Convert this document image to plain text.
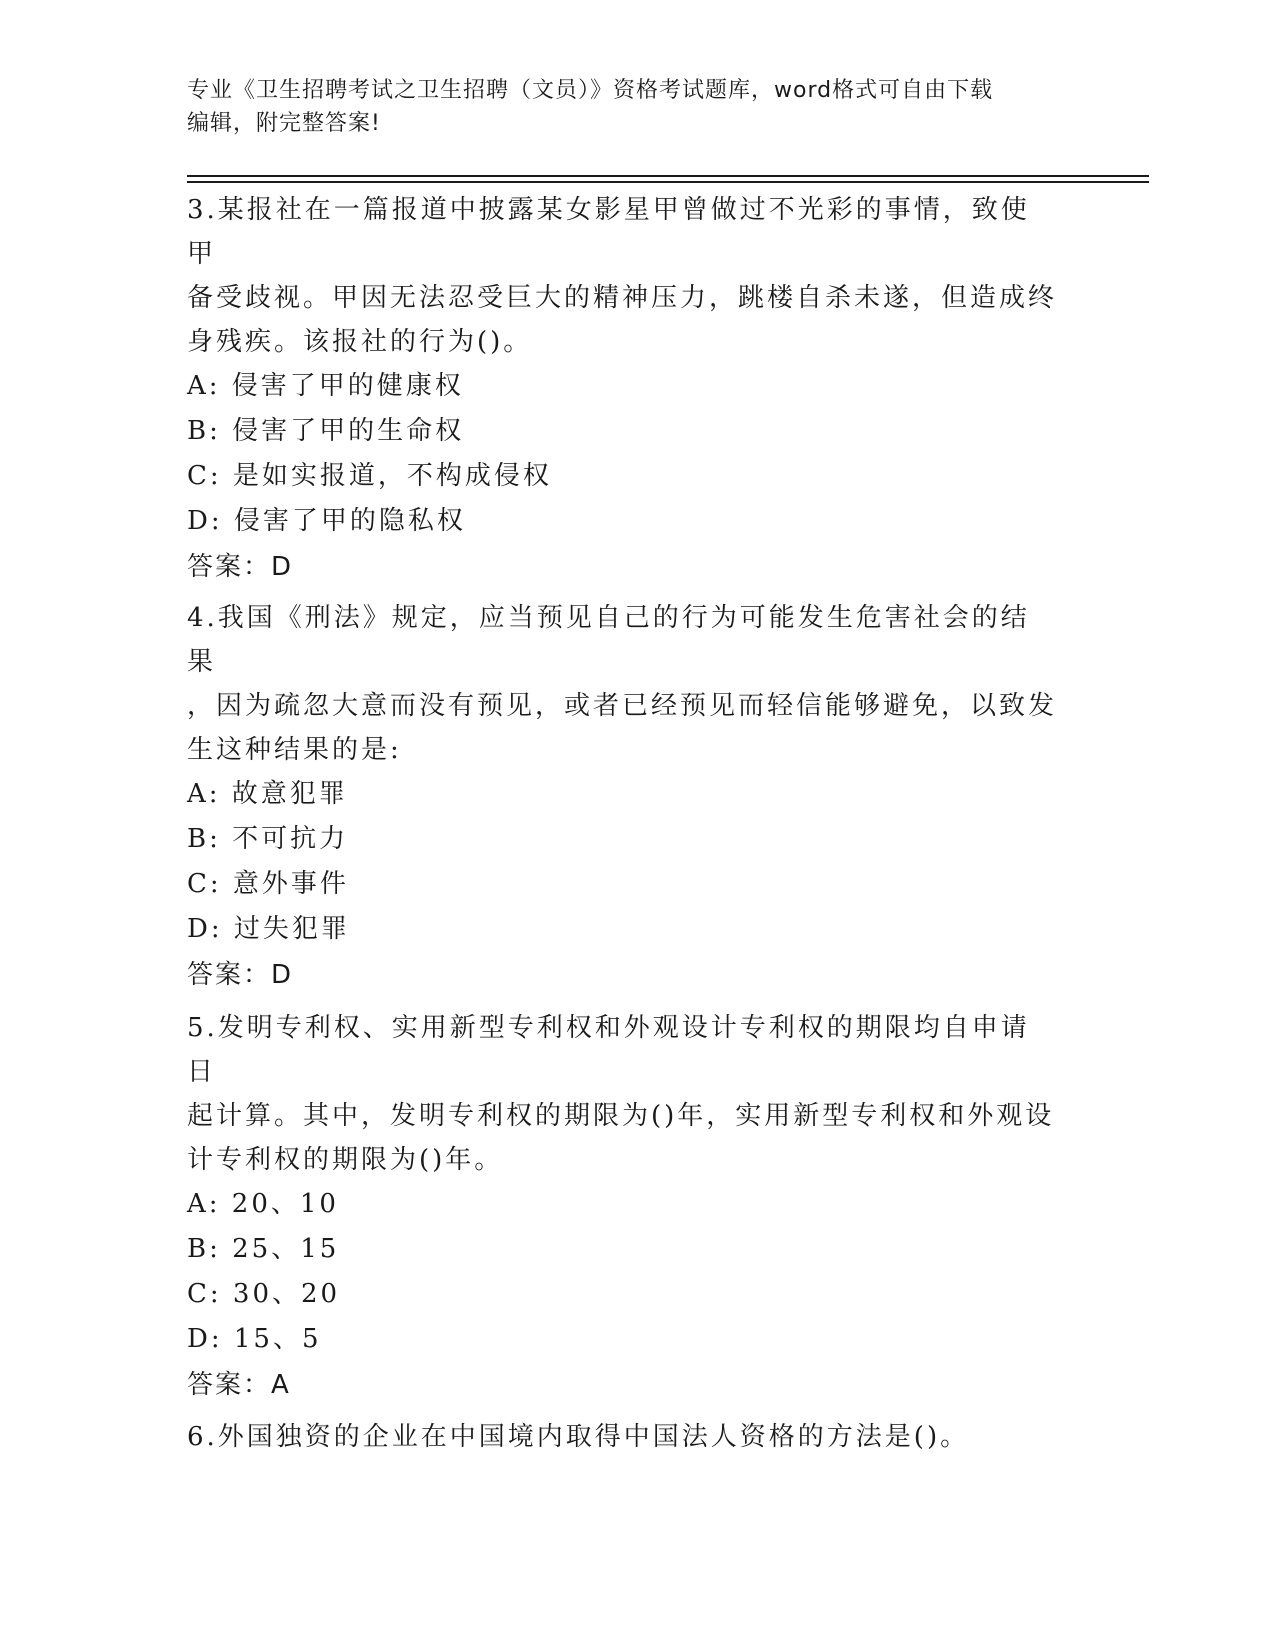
专业《卫生招聘考试之卫生招聘（文员）》资格考试题库，word格式可自由下载
编辑，附完整答案!
3.某报社在一篇报道中披露某女影星甲曾做过不光彩的事情，致使甲
备受歧视。甲因无法忍受巨大的精神压力，跳楼自杀未遂，但造成终
身残疾。该报社的行为()。
A: 侵害了甲的健康权
B: 侵害了甲的生命权
C: 是如实报道，不构成侵权
D: 侵害了甲的隐私权
答案：D
4.我国《刑法》规定，应当预见自己的行为可能发生危害社会的结果
，因为疏忽大意而没有预见，或者已经预见而轻信能够避免，以致发
生这种结果的是:
A: 故意犯罪
B: 不可抗力
C: 意外事件
D: 过失犯罪
答案：D
5.发明专利权、实用新型专利权和外观设计专利权的期限均自申请日
起计算。其中，发明专利权的期限为()年，实用新型专利权和外观设
计专利权的期限为()年。
A: 20、10
B: 25、15
C: 30、20
D: 15、5
答案：A
6.外国独资的企业在中国境内取得中国法人资格的方法是()。
